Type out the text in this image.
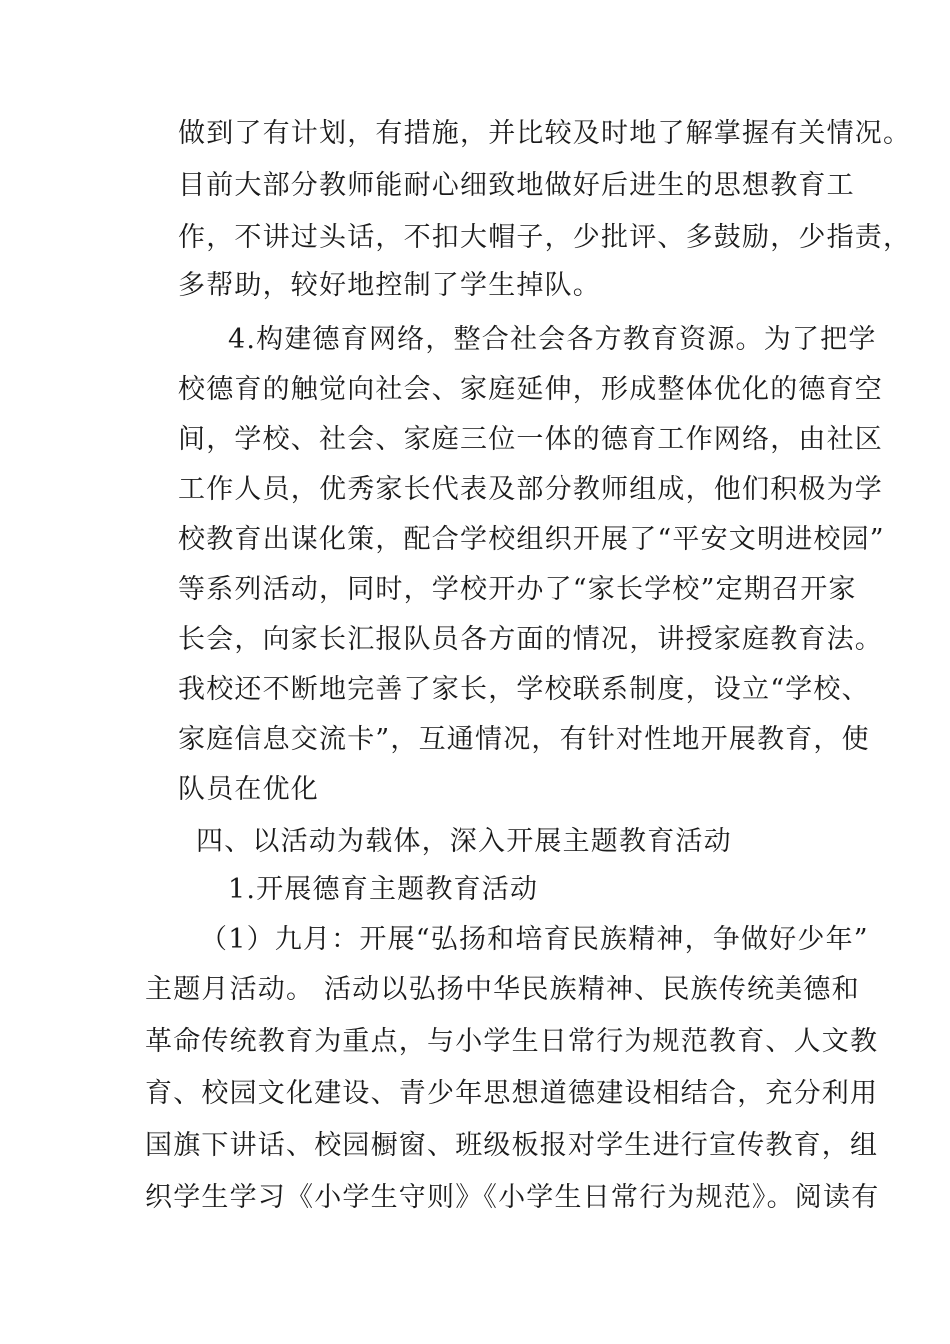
做到了有计划，有措施，并比较及时地了解掌握有关情况。
目前大部分教师能耐心细致地做好后进生的思想教育工
作，不讲过头话，不扣大帽子，少批评、多鼓励，少指责，
多帮助，较好地控制了学生掉队。
4.构建德育网络，整合社会各方教育资源。为了把学
校德育的触觉向社会、家庭延伸，形成整体优化的德育空
间，学校、社会、家庭三位一体的德育工作网络，由社区
工作人员，优秀家长代表及部分教师组成，他们积极为学
校教育出谋化策，配合学校组织开展了“平安文明进校园”
等系列活动，同时，学校开办了“家长学校”定期召开家
长会，向家长汇报队员各方面的情况，讲授家庭教育法。
我校还不断地完善了家长，学校联系制度，设立“学校、
家庭信息交流卡”，互通情况，有针对性地开展教育，使
队员在优化
四、以活动为载体，深入开展主题教育活动
1.开展德育主题教育活动
（1）九月：开展“弘扬和培育民族精神，争做好少年”
主题月活动。 活动以弘扬中华民族精神、民族传统美德和
革命传统教育为重点，与小学生日常行为规范教育、人文教
育、校园文化建设、青少年思想道德建设相结合，充分利用
国旗下讲话、校园橱窗、班级板报对学生进行宣传教育，组
织学生学习《小学生守则》《小学生日常行为规范》。阅读有
